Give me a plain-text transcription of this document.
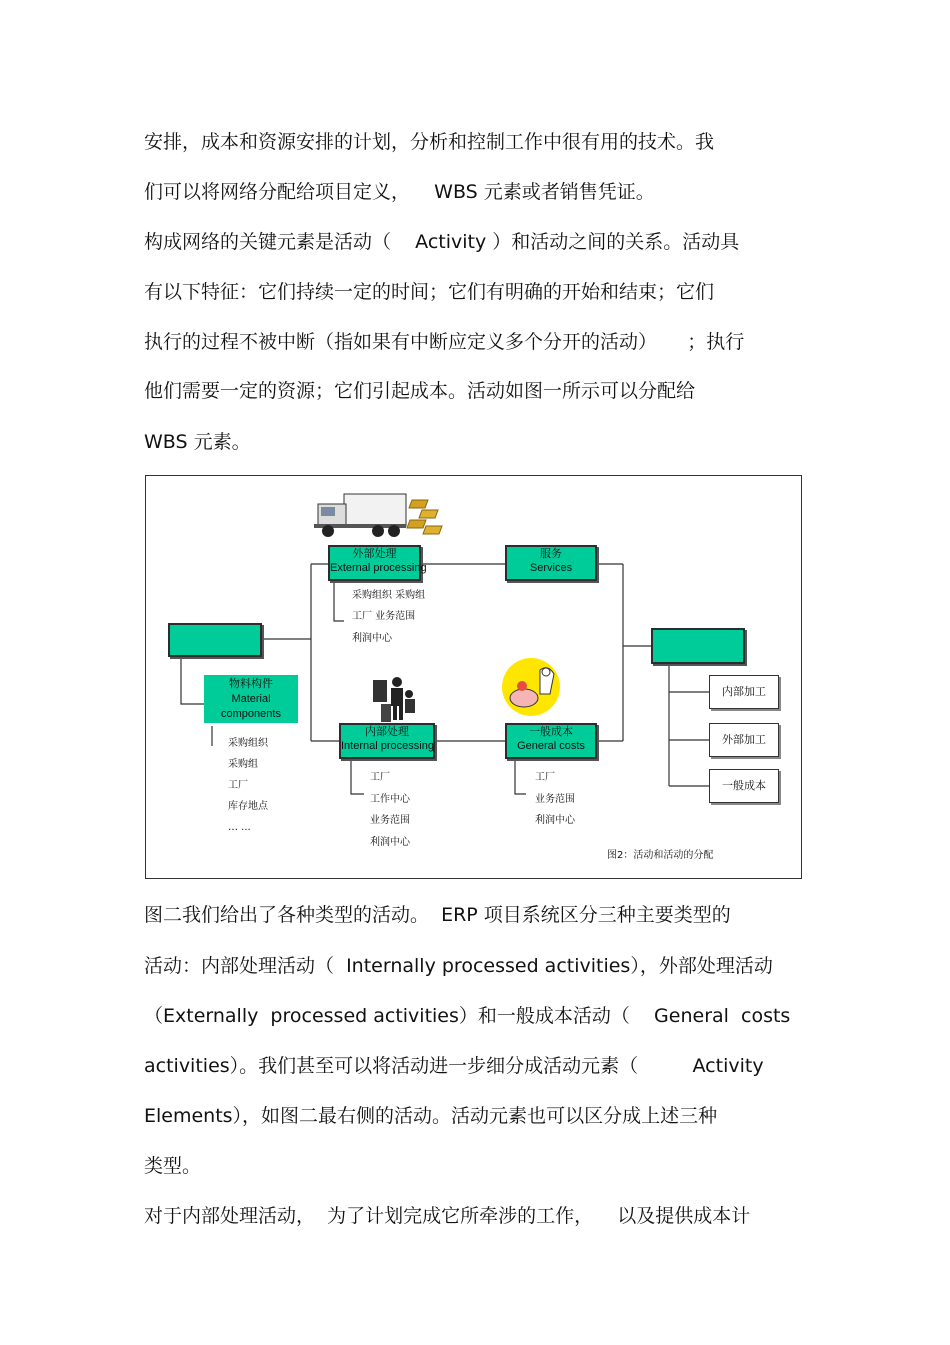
安排，成本和资源安排的计划，分析和控制工作中很有用的技术。我
们可以将网络分配给项目定义，    WBS 元素或者销售凭证。
构成网络的关键元素是活动（    Activity ）和活动之间的关系。活动具
有以下特征：它们持续一定的时间；它们有明确的开始和结束；它们
执行的过程不被中断（指如果有中断应定义多个分开的活动）     ；执行
他们需要一定的资源；它们引起成本。活动如图一所示可以分配给
WBS 元素。
外部处理
External processing
采购组织 采购组
工厂 业务范围
利润中心
服务
Services
物料构件
Material
components
采购组织
采购组
工厂
库存地点
… ...
内部处理
Internal processing
工厂
工作中心
业务范围
利润中心
一般成本
General costs
工厂
业务范围
利润中心
内部加工
外部加工
一般成本
图2：活动和活动的分配
图二我们给出了各种类型的活动。  ERP 项目系统区分三种主要类型的
活动：内部处理活动（  Internally processed activities），外部处理活动
（Externally  processed activities）和一般成本活动（    General  costs
activities）。我们甚至可以将活动进一步细分成活动元素（         Activity
Elements），如图二最右侧的活动。活动元素也可以区分成上述三种
类型。
对于内部处理活动，  为了计划完成它所牵涉的工作，    以及提供成本计
